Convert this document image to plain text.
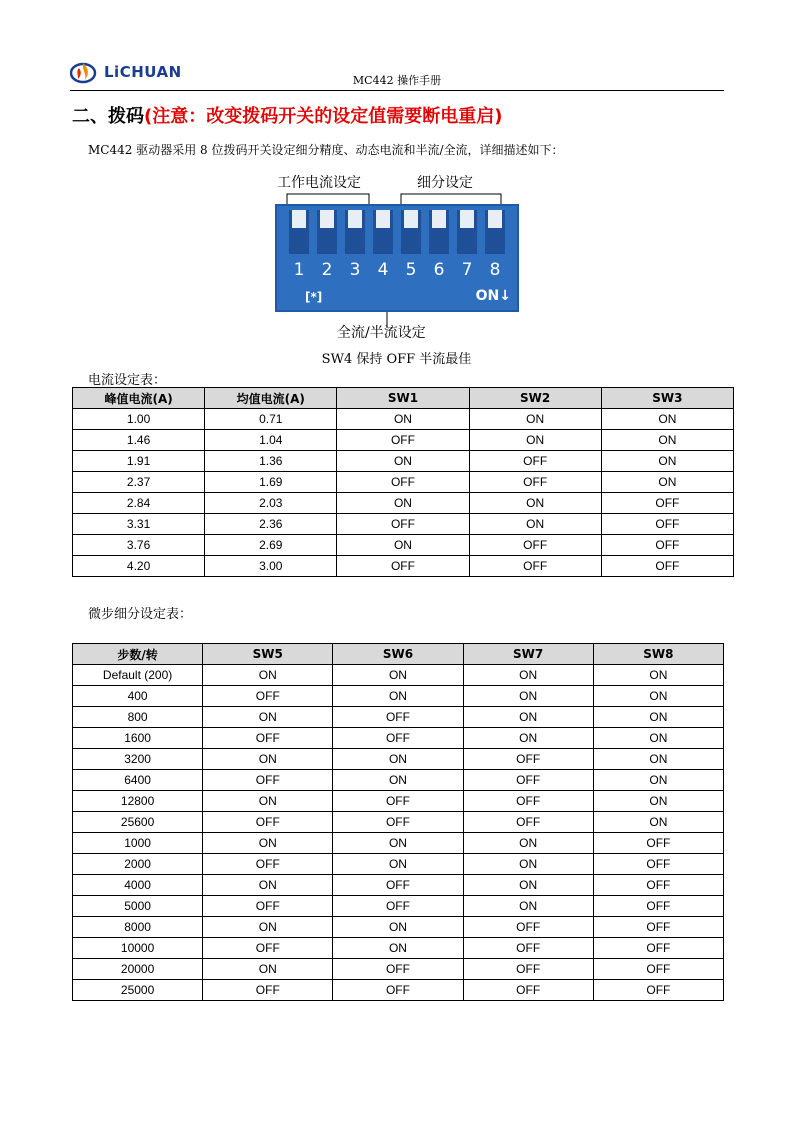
LiCHUAN	MC442 操作手册
二、拨码(注意：改变拨码开关的设定值需要断电重启)
MC442 驱动器采用 8 位拨码开关设定细分精度、动态电流和半流/全流，详细描述如下：
工作电流设定	细分设定
1 2 3 4 5 6 7 8
[*]	ON↓
全流/半流设定
SW4 保持 OFF 半流最佳
电流设定表：
峰值电流(A)	均值电流(A)	SW1	SW2	SW3
1.00	0.71	ON	ON	ON
1.46	1.04	OFF	ON	ON
1.91	1.36	ON	OFF	ON
2.37	1.69	OFF	OFF	ON
2.84	2.03	ON	ON	OFF
3.31	2.36	OFF	ON	OFF
3.76	2.69	ON	OFF	OFF
4.20	3.00	OFF	OFF	OFF
微步细分设定表：
步数/转	SW5	SW6	SW7	SW8
Default (200)	ON	ON	ON	ON
400	OFF	ON	ON	ON
800	ON	OFF	ON	ON
1600	OFF	OFF	ON	ON
3200	ON	ON	OFF	ON
6400	OFF	ON	OFF	ON
12800	ON	OFF	OFF	ON
25600	OFF	OFF	OFF	ON
1000	ON	ON	ON	OFF
2000	OFF	ON	ON	OFF
4000	ON	OFF	ON	OFF
5000	OFF	OFF	ON	OFF
8000	ON	ON	OFF	OFF
10000	OFF	ON	OFF	OFF
20000	ON	OFF	OFF	OFF
25000	OFF	OFF	OFF	OFF
